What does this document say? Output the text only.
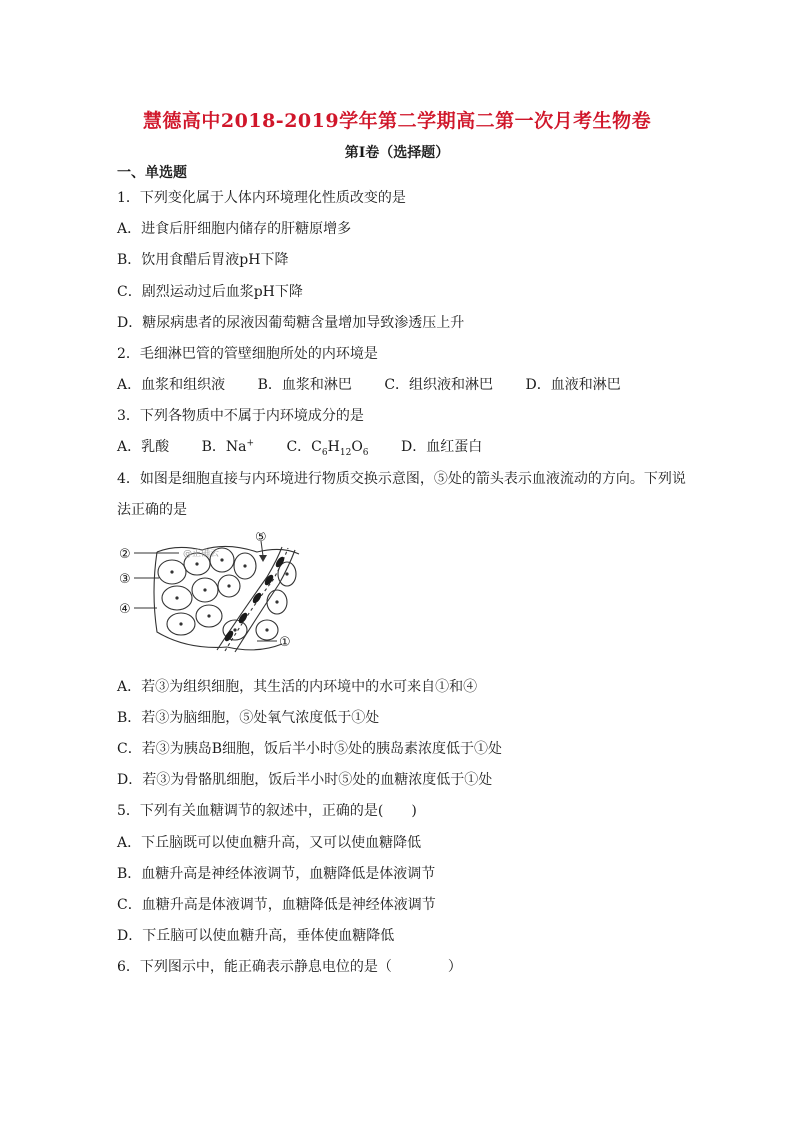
慧德高中2018-2019学年第二学期高二第一次月考生物卷
第Ⅰ卷（选择题）
一、单选题
1．下列变化属于人体内环境理化性质改变的是
A．进食后肝细胞内储存的肝糖原增多
B．饮用食醋后胃液pH下降
C．剧烈运动过后血浆pH下降
D．糖尿病患者的尿液因葡萄糖含量增加导致渗透压上升
2．毛细淋巴管的管壁细胞所处的内环境是
A．血浆和组织液 B．血浆和淋巴 C．组织液和淋巴 D．血液和淋巴
3．下列各物质中不属于内环境成分的是
A．乳酸 B．Na+ C．$C_6H_{12}O_6$ D．血红蛋白
4．如图是细胞直接与内环境进行物质交换示意图，⑤处的箭头表示血液流动的方向。下列说
法正确的是
②
③
④
⑤
①
@正确云
A．若③为组织细胞，其生活的内环境中的水可来自①和④
B．若③为脑细胞，⑤处氧气浓度低于①处
C．若③为胰岛B细胞，饭后半小时⑤处的胰岛素浓度低于①处
D．若③为骨骼肌细胞，饭后半小时⑤处的血糖浓度低于①处
5．下列有关血糖调节的叙述中，正确的是(　　)
A．下丘脑既可以使血糖升高，又可以使血糖降低
B．血糖升高是神经体液调节，血糖降低是体液调节
C．血糖升高是体液调节，血糖降低是神经体液调节
D．下丘脑可以使血糖升高，垂体使血糖降低
6．下列图示中，能正确表示静息电位的是（　　　　）
